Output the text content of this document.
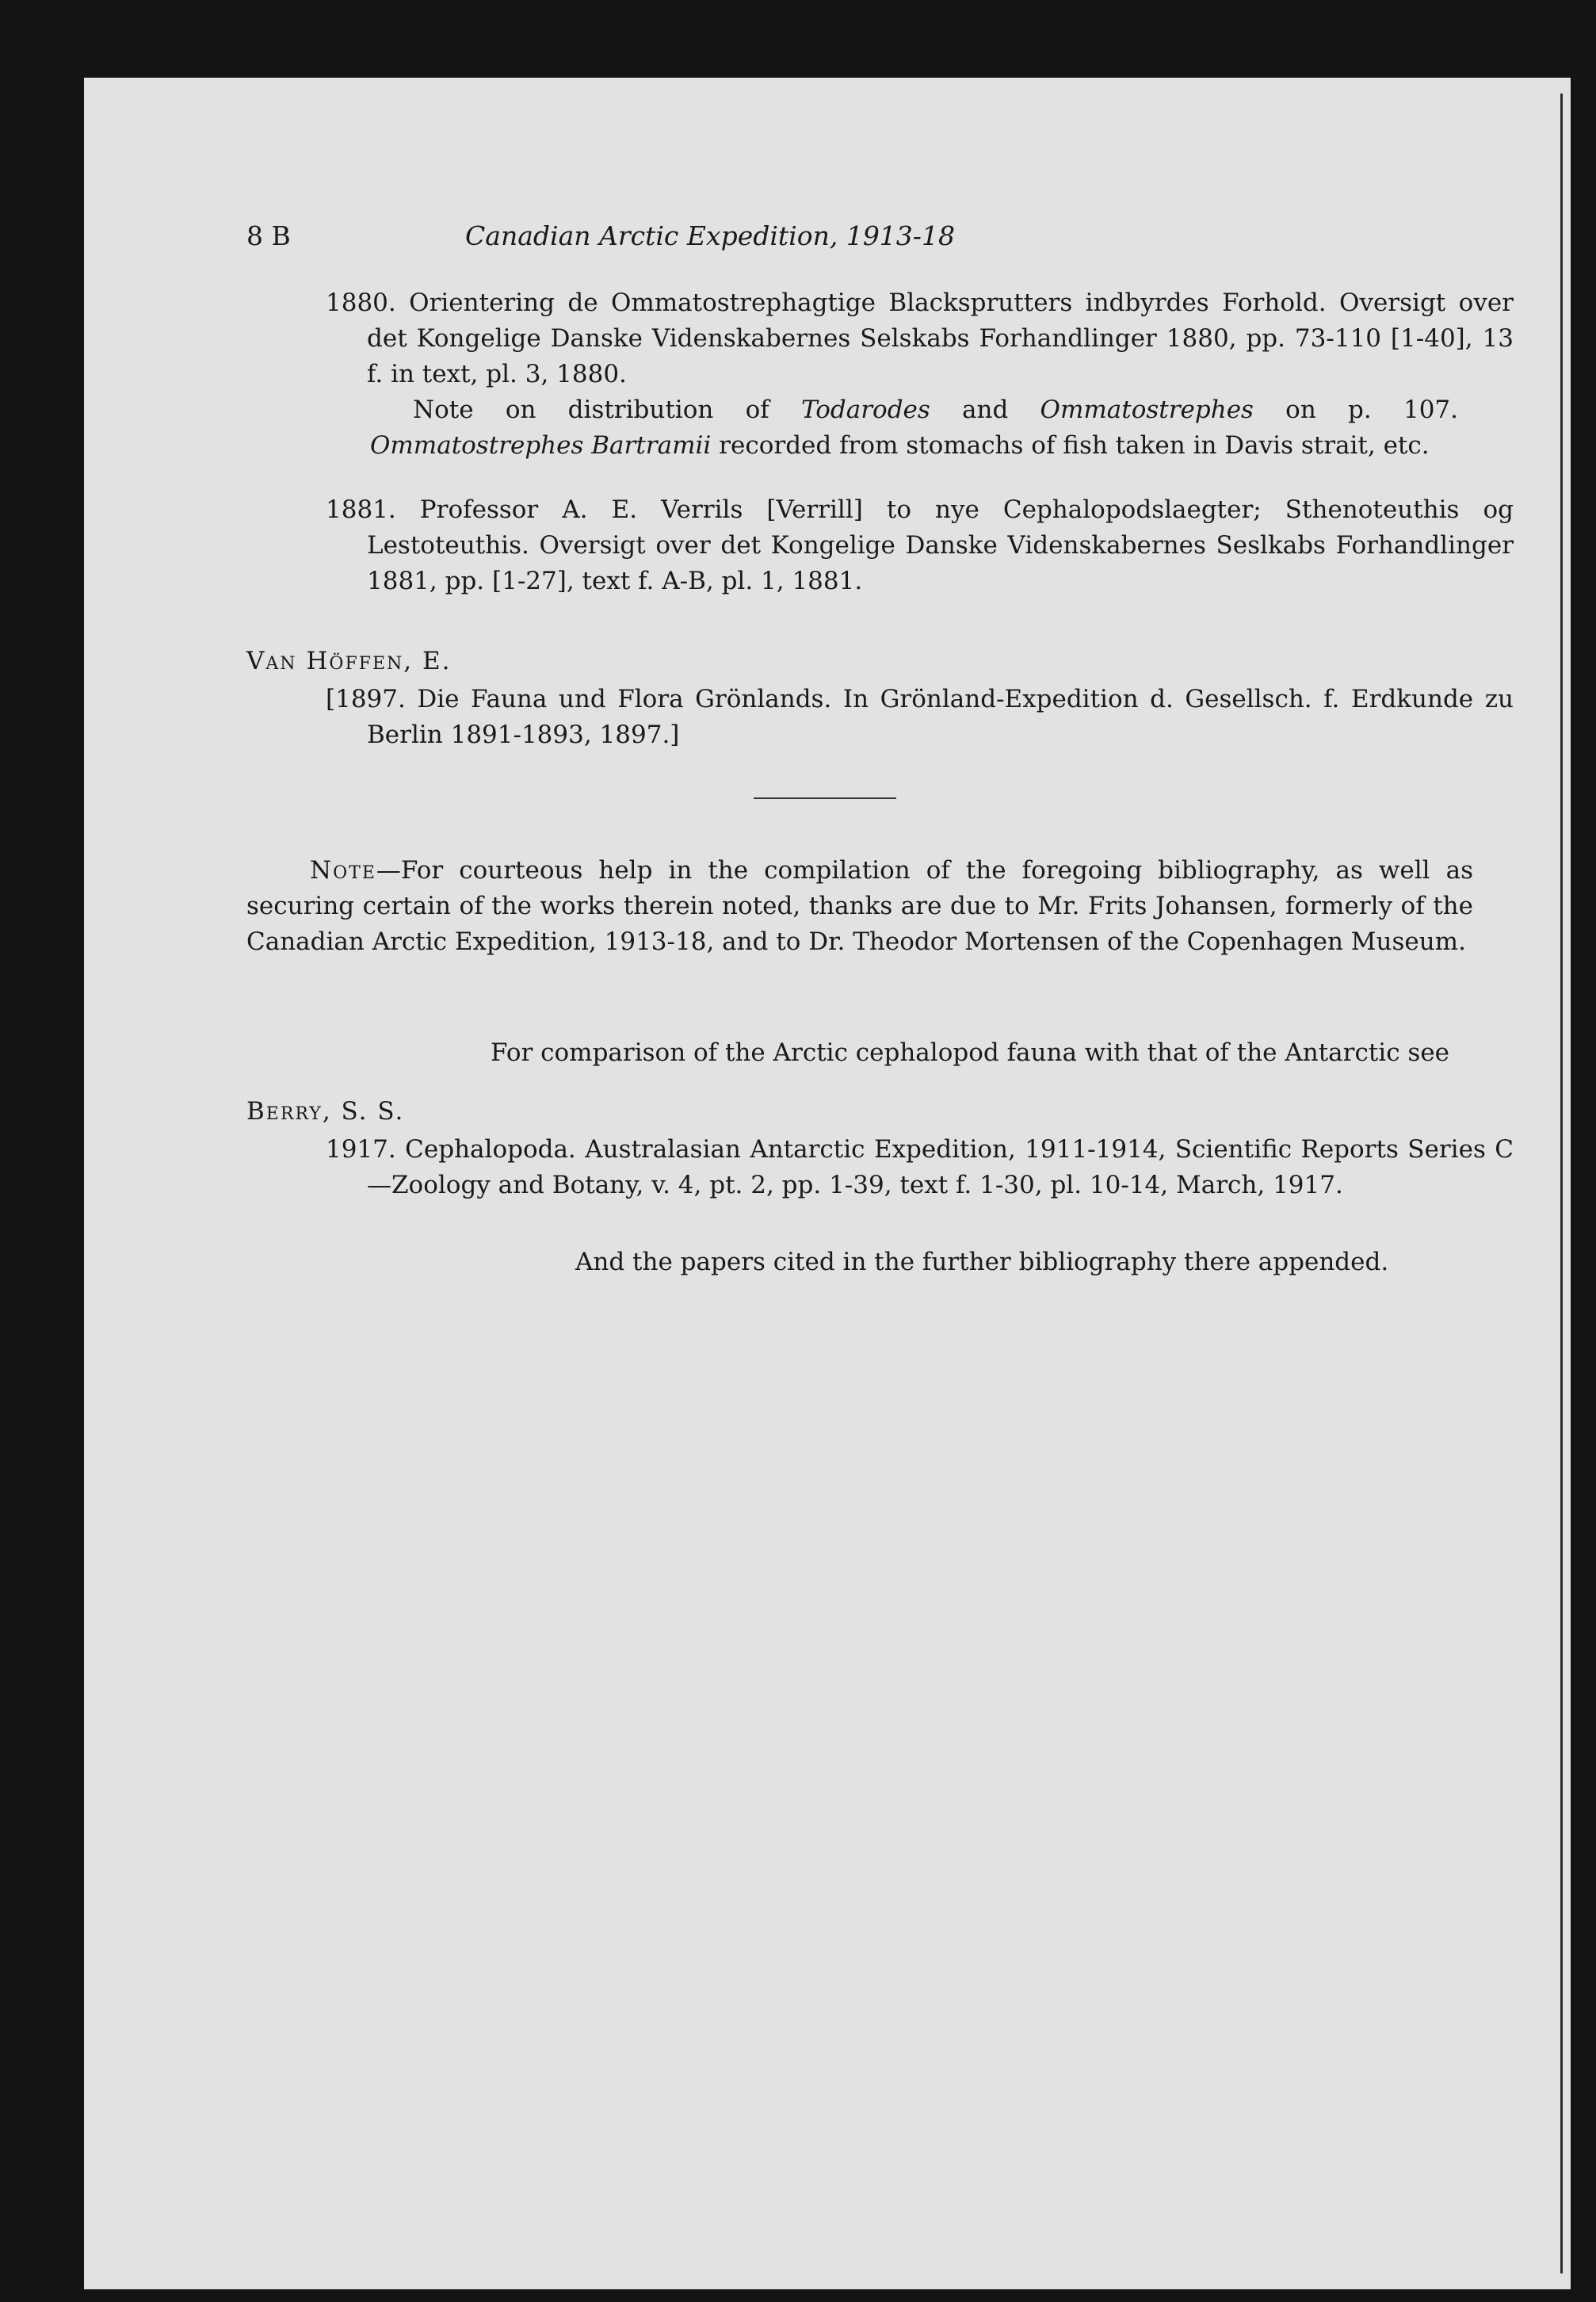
8 B	Canadian Arctic Expedition, 1913-18
1880. Orientering de Ommatostrephagtige Blacksprutters indbyrdes Forhold. Oversigt over det Kongelige Danske Videnskabernes Selskabs Forhandlinger 1880, pp. 73-110 [1-40], 13 f. in text, pl. 3, 1880.
Note on distribution of Todarodes and Ommatostrephes on p. 107. Ommatostrephes Bartramii recorded from stomachs of fish taken in Davis strait, etc.
1881. Professor A. E. Verrils [Verrill] to nye Cephalopodslaegter; Sthenoteuthis og Lestoteuthis. Oversigt over det Kongelige Danske Videnskabernes Seslkabs Forhandlinger 1881, pp. [1-27], text f. A-B, pl. 1, 1881.
Van Höffen, E.
[1897. Die Fauna und Flora Grönlands. In Grönland-Expedition d. Gesellsch. f. Erdkunde zu Berlin 1891-1893, 1897.]
Note—For courteous help in the compilation of the foregoing bibliography, as well as securing certain of the works therein noted, thanks are due to Mr. Frits Johansen, formerly of the Canadian Arctic Expedition, 1913-18, and to Dr. Theodor Mortensen of the Copenhagen Museum.
For comparison of the Arctic cephalopod fauna with that of the Antarctic see
Berry, S. S.
1917. Cephalopoda. Australasian Antarctic Expedition, 1911-1914, Scientific Reports Series C—Zoology and Botany, v. 4, pt. 2, pp. 1-39, text f. 1-30, pl. 10-14, March, 1917.
And the papers cited in the further bibliography there appended.
